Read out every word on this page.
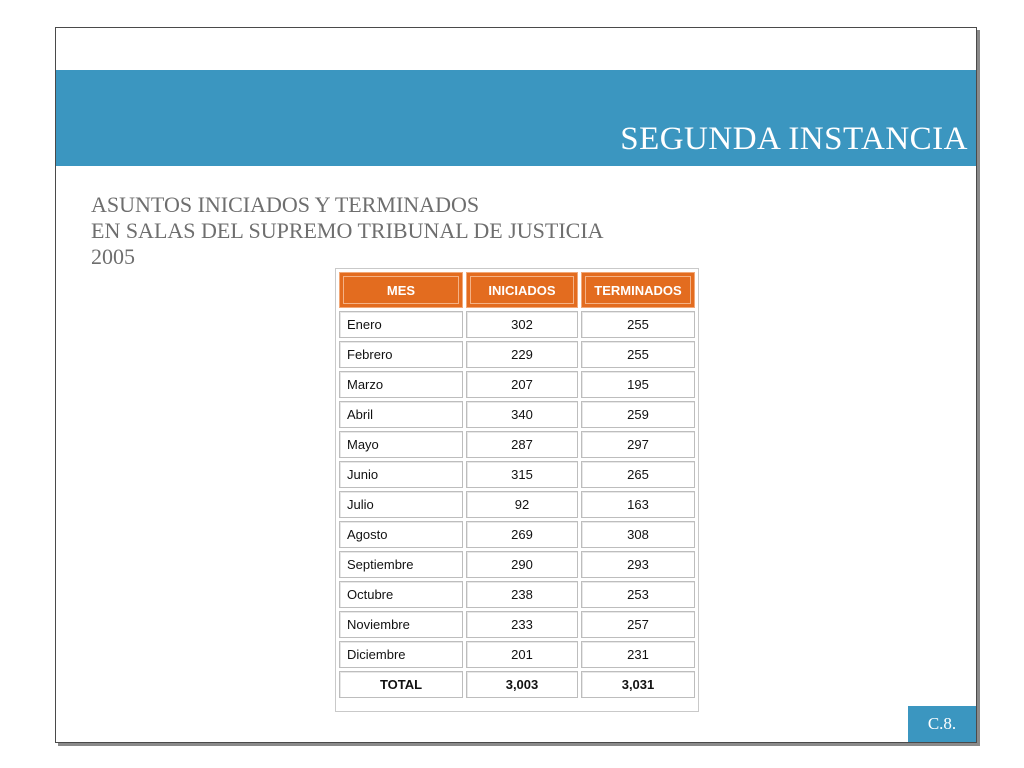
SEGUNDA INSTANCIA
ASUNTOS INICIADOS Y TERMINADOS
EN SALAS DEL SUPREMO TRIBUNAL DE JUSTICIA
2005
MES	INICIADOS	TERMINADOS
Enero	302	255
Febrero	229	255
Marzo	207	195
Abril	340	259
Mayo	287	297
Junio	315	265
Julio	92	163
Agosto	269	308
Septiembre	290	293
Octubre	238	253
Noviembre	233	257
Diciembre	201	231
TOTAL	3,003	3,031
C.8.
